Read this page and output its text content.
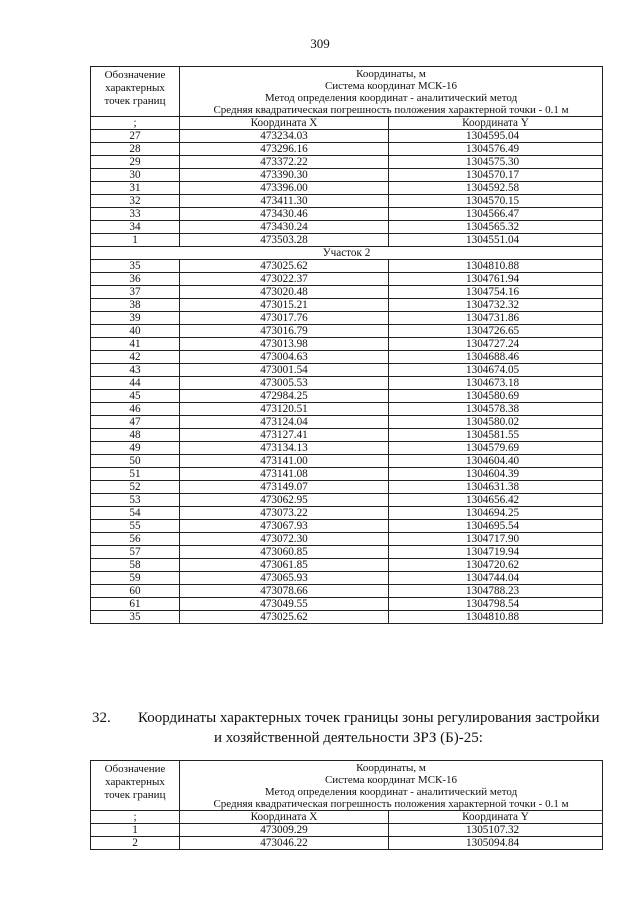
309
Обозначение характерных точек границ	Координаты, м
Система координат МСК-16
Метод определения координат - аналитический метод
Средняя квадратическая погрешность положения характерной точки - 0.1 м	

;	Координата X	Координата Y
27	473234.03	1304595.04
28	473296.16	1304576.49
29	473372.22	1304575.30
30	473390.30	1304570.17
31	473396.00	1304592.58
32	473411.30	1304570.15
33	473430.46	1304566.47
34	473430.24	1304565.32
1	473503.28	1304551.04
Участок 2		
35	473025.62	1304810.88
36	473022.37	1304761.94
37	473020.48	1304754.16
38	473015.21	1304732.32
39	473017.76	1304731.86
40	473016.79	1304726.65
41	473013.98	1304727.24
42	473004.63	1304688.46
43	473001.54	1304674.05
44	473005.53	1304673.18
45	472984.25	1304580.69
46	473120.51	1304578.38
47	473124.04	1304580.02
48	473127.41	1304581.55
49	473134.13	1304579.69
50	473141.00	1304604.40
51	473141.08	1304604.39
52	473149.07	1304631.38
53	473062.95	1304656.42
54	473073.22	1304694.25
55	473067.93	1304695.54
56	473072.30	1304717.90
57	473060.85	1304719.94
58	473061.85	1304720.62
59	473065.93	1304744.04
60	473078.66	1304788.23
61	473049.55	1304798.54
35	473025.62	1304810.88
32. Координаты характерных точек границы зоны регулирования застройки
и хозяйственной деятельности ЗРЗ (Б)-25:
Обозначение характерных точек границ	Координаты, м
Система координат МСК-16
Метод определения координат - аналитический метод
Средняя квадратическая погрешность положения характерной точки - 0.1 м	

;	Координата X	Координата Y
1	473009.29	1305107.32
2	473046.22	1305094.84
